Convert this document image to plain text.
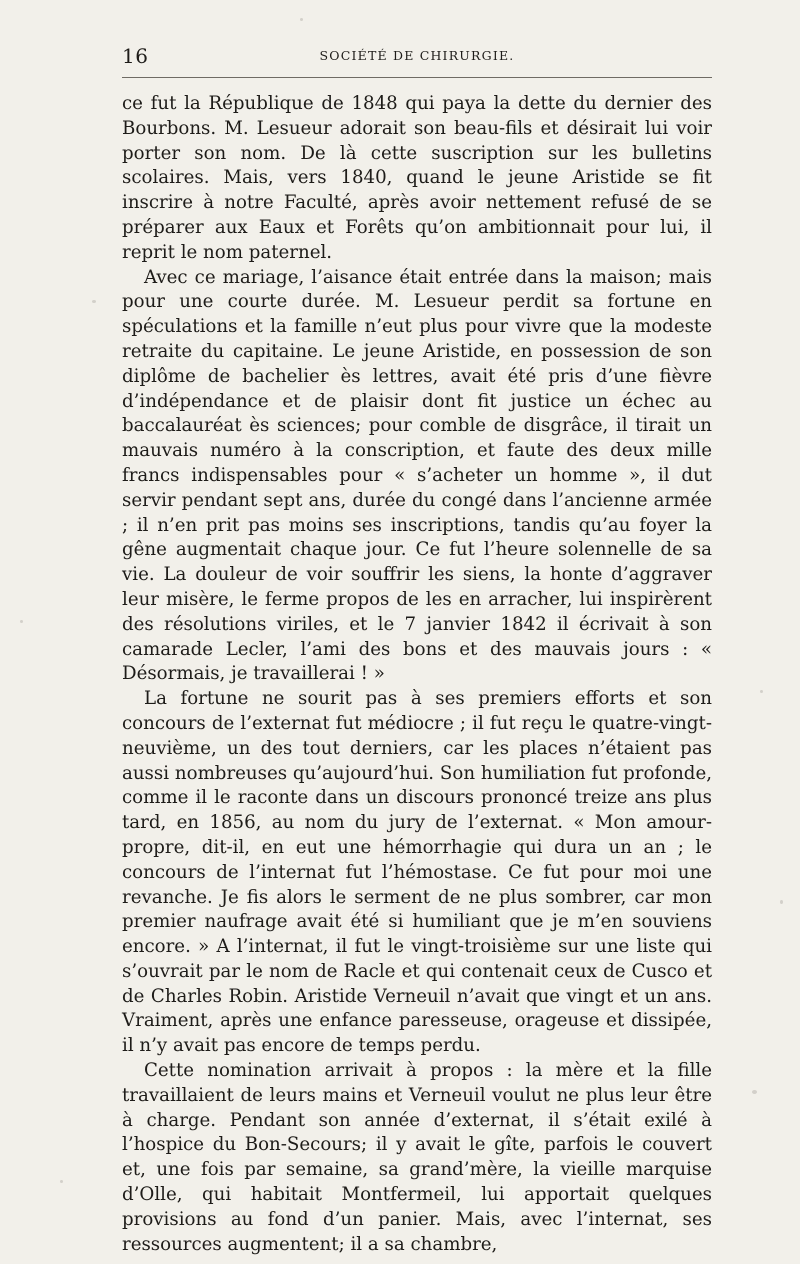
16	SOCIÉTÉ DE CHIRURGIE.

ce fut la République de 1848 qui paya la dette du dernier des Bourbons. M. Lesueur adorait son beau-fils et désirait lui voir porter son nom. De là cette suscription sur les bulletins scolaires. Mais, vers 1840, quand le jeune Aristide se fit inscrire à notre Faculté, après avoir nettement refusé de se préparer aux Eaux et Forêts qu’on ambitionnait pour lui, il reprit le nom paternel.

Avec ce mariage, l’aisance était entrée dans la maison; mais pour une courte durée. M. Lesueur perdit sa fortune en spéculations et la famille n’eut plus pour vivre que la modeste retraite du capitaine. Le jeune Aristide, en possession de son diplôme de bachelier ès lettres, avait été pris d’une fièvre d’indépendance et de plaisir dont fit justice un échec au baccalauréat ès sciences; pour comble de disgrâce, il tirait un mauvais numéro à la conscription, et faute des deux mille francs indispensables pour « s’acheter un homme », il dut servir pendant sept ans, durée du congé dans l’ancienne armée ; il n’en prit pas moins ses inscriptions, tandis qu’au foyer la gêne augmentait chaque jour. Ce fut l’heure solennelle de sa vie. La douleur de voir souffrir les siens, la honte d’aggraver leur misère, le ferme propos de les en arracher, lui inspirèrent des résolutions viriles, et le 7 janvier 1842 il écrivait à son camarade Lecler, l’ami des bons et des mauvais jours : « Désormais, je travaillerai ! »

La fortune ne sourit pas à ses premiers efforts et son concours de l’externat fut médiocre ; il fut reçu le quatre-vingt-neuvième, un des tout derniers, car les places n’étaient pas aussi nombreuses qu’aujourd’hui. Son humiliation fut profonde, comme il le raconte dans un discours prononcé treize ans plus tard, en 1856, au nom du jury de l’externat. « Mon amour-propre, dit-il, en eut une hémorrhagie qui dura un an ; le concours de l’internat fut l’hémostase. Ce fut pour moi une revanche. Je fis alors le serment de ne plus sombrer, car mon premier naufrage avait été si humiliant que je m’en souviens encore. » A l’internat, il fut le vingt-troisième sur une liste qui s’ouvrait par le nom de Racle et qui contenait ceux de Cusco et de Charles Robin. Aristide Verneuil n’avait que vingt et un ans. Vraiment, après une enfance paresseuse, orageuse et dissipée, il n’y avait pas encore de temps perdu.

Cette nomination arrivait à propos : la mère et la fille travaillaient de leurs mains et Verneuil voulut ne plus leur être à charge. Pendant son année d’externat, il s’était exilé à l’hospice du Bon-Secours; il y avait le gîte, parfois le couvert et, une fois par semaine, sa grand’mère, la vieille marquise d’Olle, qui habitait Montfermeil, lui apportait quelques provisions au fond d’un panier. Mais, avec l’internat, ses ressources augmentent; il a sa chambre,
